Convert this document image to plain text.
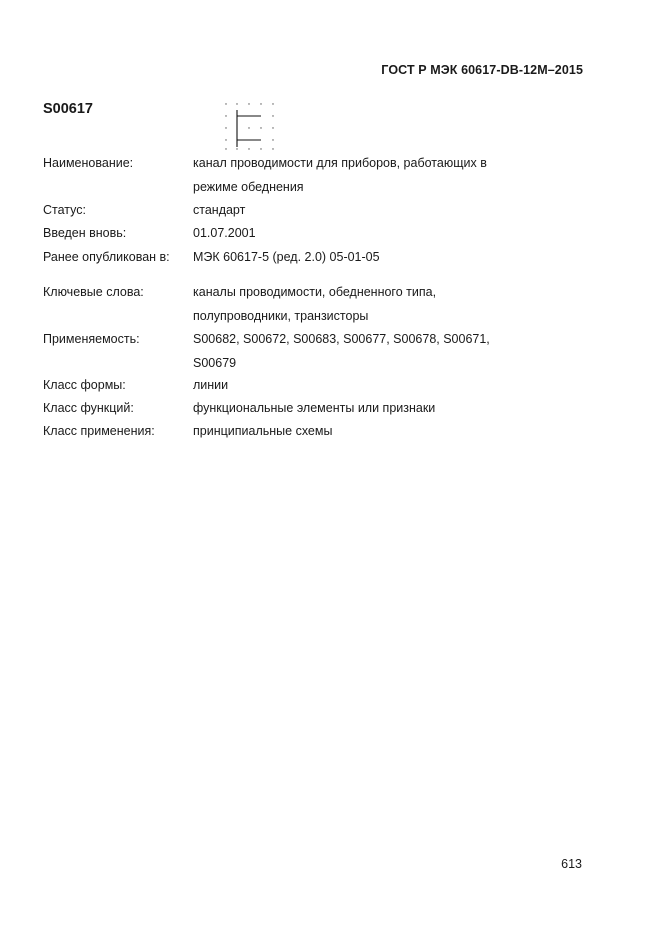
ГОСТ Р МЭК 60617-DB-12M–2015
S00617
Наименование:	канал проводимости для приборов, работающих в
режиме обеднения
Статус:	стандарт
Введен вновь:	01.07.2001
Ранее опубликован в: МЭК 60617-5 (ред. 2.0) 05-01-05
Ключевые слова:	каналы проводимости, обедненного типа,
полупроводники, транзисторы
Применяемость:	S00682, S00672, S00683, S00677, S00678, S00671,
S00679
Класс формы:	линии
Класс функций:	функциональные элементы или признаки
Класс применения:	принципиальные схемы
613
